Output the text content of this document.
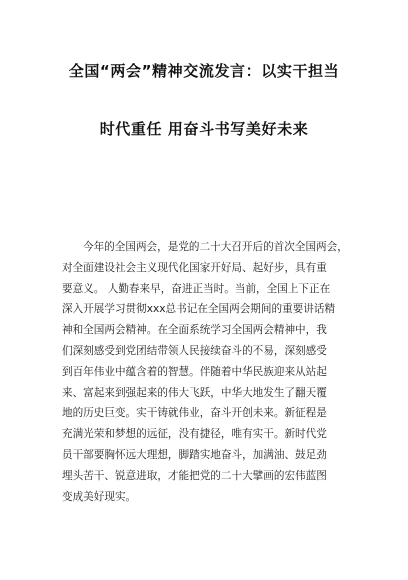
全国“两会”精神交流发言：以实干担当
时代重任 用奋斗书写美好未来
今年的全国两会，是党的二十大召开后的首次全国两会，
对全面建设社会主义现代化国家开好局、起好步，具有重
要意义。 人勤春来早，奋进正当时。当前，全国上下正在
深入开展学习贯彻xxx总书记在全国两会期间的重要讲话精
神和全国两会精神。在全面系统学习全国两会精神中，我
们深刻感受到党团结带领人民接续奋斗的不易，深刻感受
到百年伟业中蕴含着的智慧。伴随着中华民族迎来从站起
来、富起来到强起来的伟大飞跃，中华大地发生了翻天覆
地的历史巨变。实干铸就伟业，奋斗开创未来。新征程是
充满光荣和梦想的远征，没有捷径，唯有实干。新时代党
员干部要胸怀远大理想，脚踏实地奋斗，加满油、鼓足劲
埋头苦干、锐意进取，才能把党的二十大擘画的宏伟蓝图
变成美好现实。
